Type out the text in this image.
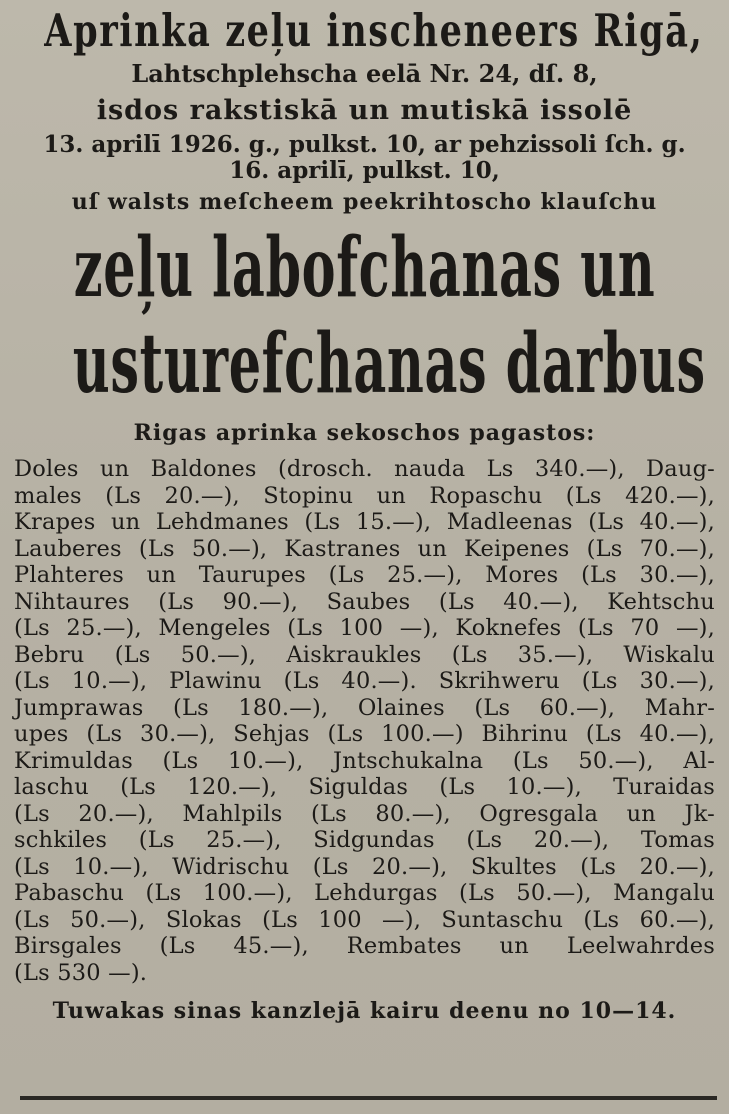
Aprinka zeļu inscheneers Rigā,
Lahtschplehscha eelā Nr. 24, dſ. 8,
isdos rakstiskā un mutiskā issolē
13. aprilī 1926. g., pulkst. 10, ar pehzissoli ſch. g.
16. aprilī, pulkst. 10,
uſ walsts meſcheem peekrihtoscho klauſchu
zeļu labofchanas un
usturefchanas darbus
Rigas aprinka sekoschos pagastos:
Doles un Baldones (drosch. nauda Ls 340.—), Daug-
males (Ls 20.—), Stopinu un Ropaschu (Ls 420.—),
Krapes un Lehdmanes (Ls 15.—), Madleenas (Ls 40.—),
Lauberes (Ls 50.—), Kastranes un Keipenes (Ls 70.—),
Plahteres un Taurupes (Ls 25.—), Mores (Ls 30.—),
Nihtaures (Ls 90.—), Saubes (Ls 40.—), Kehtschu
(Ls 25.—), Mengeles (Ls 100 —), Koknefes (Ls 70 —),
Bebru (Ls 50.—), Aiskraukles (Ls 35.—), Wiskalu
(Ls 10.—), Plawinu (Ls 40.—). Skrihweru (Ls 30.—),
Jumprawas (Ls 180.—), Olaines (Ls 60.—), Mahr-
upes (Ls 30.—), Sehjas (Ls 100.—) Bihrinu (Ls 40.—),
Krimuldas (Ls 10.—), Jntschukalna (Ls 50.—), Al-
laschu (Ls 120.—), Siguldas (Ls 10.—), Turaidas
(Ls 20.—), Mahlpils (Ls 80.—), Ogresgala un Jk-
schkiles (Ls 25.—), Sidgundas (Ls 20.—), Tomas
(Ls 10.—), Widrischu (Ls 20.—), Skultes (Ls 20.—),
Pabaschu (Ls 100.—), Lehdurgas (Ls 50.—), Mangalu
(Ls 50.—), Slokas (Ls 100 —), Suntaschu (Ls 60.—),
Birsgales (Ls 45.—), Rembates un Leelwahrdes
(Ls 530 —).
Tuwakas sinas kanzlejā kairu deenu no 10—14.
